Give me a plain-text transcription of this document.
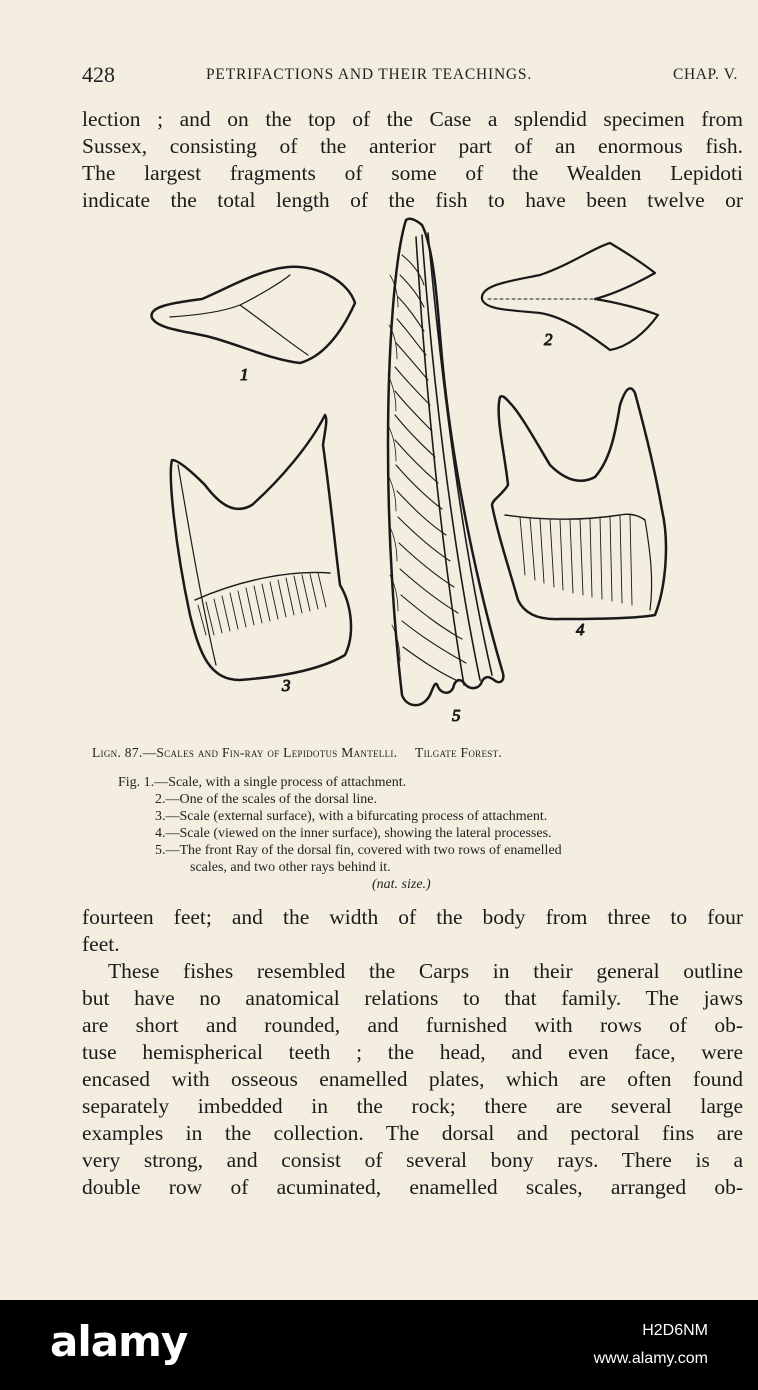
428	PETRIFACTIONS AND THEIR TEACHINGS.	CHAP. V.
lection ; and on the top of the Case a splendid specimen from
Sussex, consisting of the anterior part of an enormous fish.
The largest fragments of some of the Wealden Lepidoti
indicate the total length of the fish to have been twelve or
1
2
3
4
5
Lign. 87.—Scales and Fin-ray of Lepidotus Mantelli. Tilgate Forest.
Fig. 1.—Scale, with a single process of attachment.
2.—One of the scales of the dorsal line.
3.—Scale (external surface), with a bifurcating process of attachment.
4.—Scale (viewed on the inner surface), showing the lateral processes.
5.—The front Ray of the dorsal fin, covered with two rows of enamelled
scales, and two other rays behind it.
(nat. size.)
fourteen feet; and the width of the body from three to four
feet.
These fishes resembled the Carps in their general outline
but have no anatomical relations to that family. The jaws
are short and rounded, and furnished with rows of ob-
tuse hemispherical teeth ; the head, and even face, were
encased with osseous enamelled plates, which are often found
separately imbedded in the rock; there are several large
examples in the collection. The dorsal and pectoral fins are
very strong, and consist of several bony rays. There is a
double row of acuminated, enamelled scales, arranged ob-
alamy	H2D6NM
www.alamy.com
